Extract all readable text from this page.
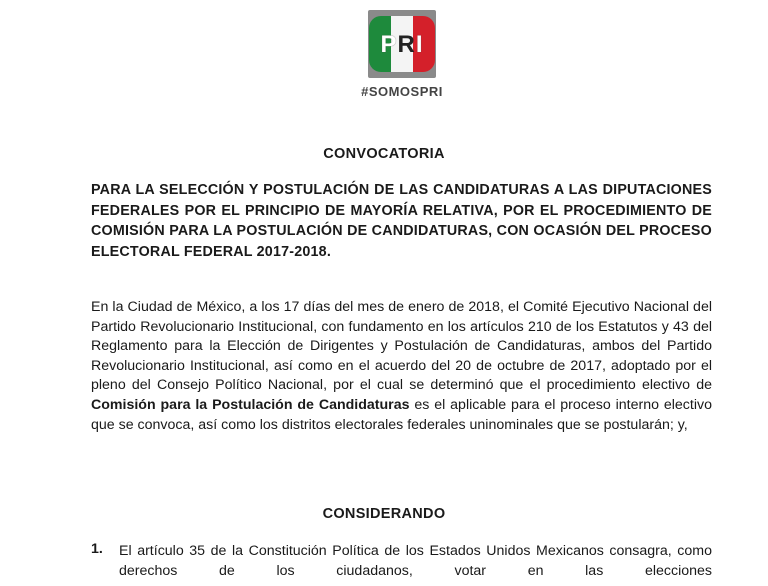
PRI
#SOMOSPRI
CONVOCATORIA
PARA LA SELECCIÓN Y POSTULACIÓN DE LAS CANDIDATURAS A LAS DIPUTACIONES FEDERALES POR EL PRINCIPIO DE MAYORÍA RELATIVA, POR EL PROCEDIMIENTO DE COMISIÓN PARA LA POSTULACIÓN DE CANDIDATURAS, CON OCASIÓN DEL PROCESO ELECTORAL FEDERAL 2017-2018.
En la Ciudad de México, a los 17 días del mes de enero de 2018, el Comité Ejecutivo Nacional del Partido Revolucionario Institucional, con fundamento en los artículos 210 de los Estatutos y 43 del Reglamento para la Elección de Dirigentes y Postulación de Candidaturas, ambos del Partido Revolucionario Institucional, así como en el acuerdo del 20 de octubre de 2017, adoptado por el pleno del Consejo Político Nacional, por el cual se determinó que el procedimiento electivo de Comisión para la Postulación de Candidaturas es el aplicable para el proceso interno electivo que se convoca, así como los distritos electorales federales uninominales que se postularán; y,
CONSIDERANDO
1. El artículo 35 de la Constitución Política de los Estados Unidos Mexicanos consagra, como derechos de los ciudadanos, votar en las elecciones
